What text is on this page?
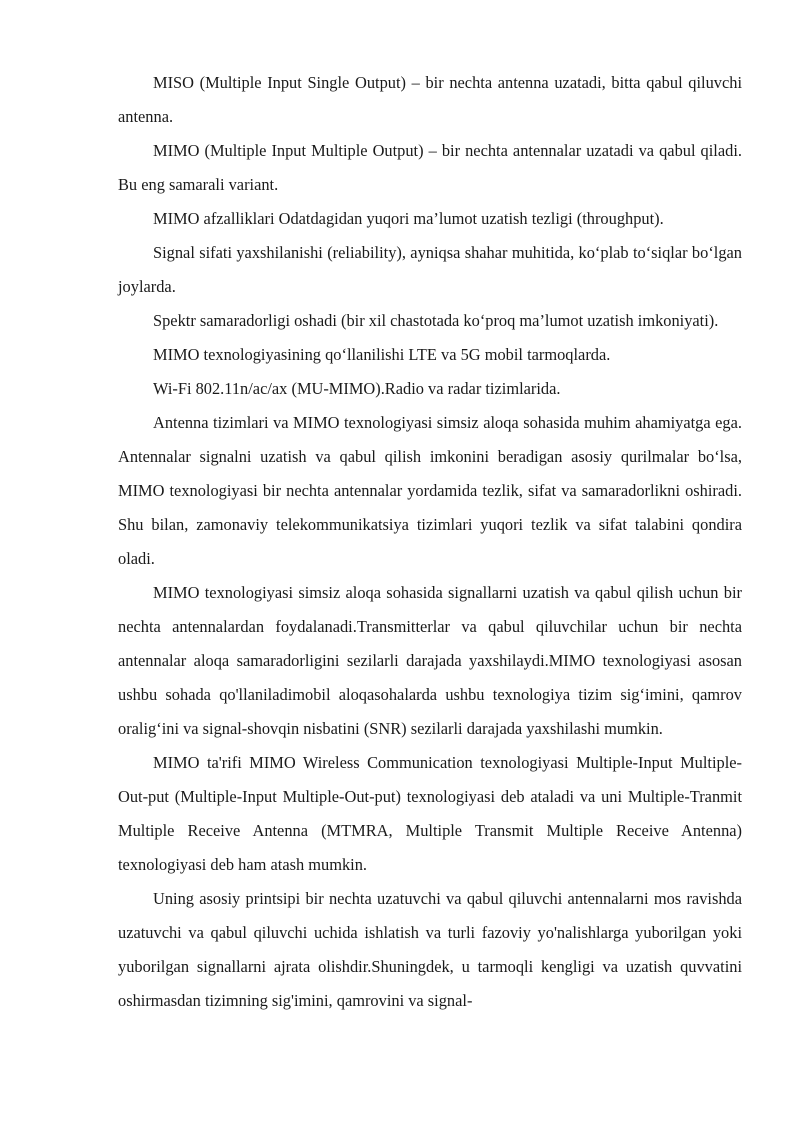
MISO (Multiple Input Single Output) – bir nechta antenna uzatadi, bitta qabul qiluvchi antenna.

MIMO (Multiple Input Multiple Output) – bir nechta antennalar uzatadi va qabul qiladi. Bu eng samarali variant.

MIMO afzalliklari Odatdagidan yuqori ma’lumot uzatish tezligi (throughput).

Signal sifati yaxshilanishi (reliability), ayniqsa shahar muhitida, ko‘plab to‘siqlar bo‘lgan joylarda.

Spektr samaradorligi oshadi (bir xil chastotada ko‘proq ma’lumot uzatish imkoniyati).

MIMO texnologiyasining qo‘llanilishi LTE va 5G mobil tarmoqlarda.

Wi-Fi 802.11n/ac/ax (MU-MIMO).Radio va radar tizimlarida.

Antenna tizimlari va MIMO texnologiyasi simsiz aloqa sohasida muhim ahamiyatga ega. Antennalar signalni uzatish va qabul qilish imkonini beradigan asosiy qurilmalar bo‘lsa, MIMO texnologiyasi bir nechta antennalar yordamida tezlik, sifat va samaradorlikni oshiradi. Shu bilan, zamonaviy telekommunikatsiya tizimlari yuqori tezlik va sifat talabini qondira oladi.

MIMO texnologiyasi simsiz aloqa sohasida signallarni uzatish va qabul qilish uchun bir nechta antennalardan foydalanadi.Transmitterlar va qabul qiluvchilar uchun bir nechta antennalar aloqa samaradorligini sezilarli darajada yaxshilaydi.MIMO texnologiyasi asosan ushbu sohada qo'llaniladimobil aloqasohalarda ushbu texnologiya tizim sig‘imini, qamrov oralig‘ini va signal-shovqin nisbatini (SNR) sezilarli darajada yaxshilashi mumkin.

MIMO ta'rifi MIMO Wireless Communication texnologiyasi Multiple-Input Multiple-Out-put (Multiple-Input Multiple-Out-put) texnologiyasi deb ataladi va uni Multiple-Tranmit Multiple Receive Antenna (MTMRA, Multiple Transmit Multiple Receive Antenna) texnologiyasi deb ham atash mumkin.

Uning asosiy printsipi bir nechta uzatuvchi va qabul qiluvchi antennalarni mos ravishda uzatuvchi va qabul qiluvchi uchida ishlatish va turli fazoviy yo'nalishlarga yuborilgan yoki yuborilgan signallarni ajrata olishdir.Shuningdek, u tarmoqli kengligi va uzatish quvvatini oshirmasdan tizimning sig'imini, qamrovini va signal-
